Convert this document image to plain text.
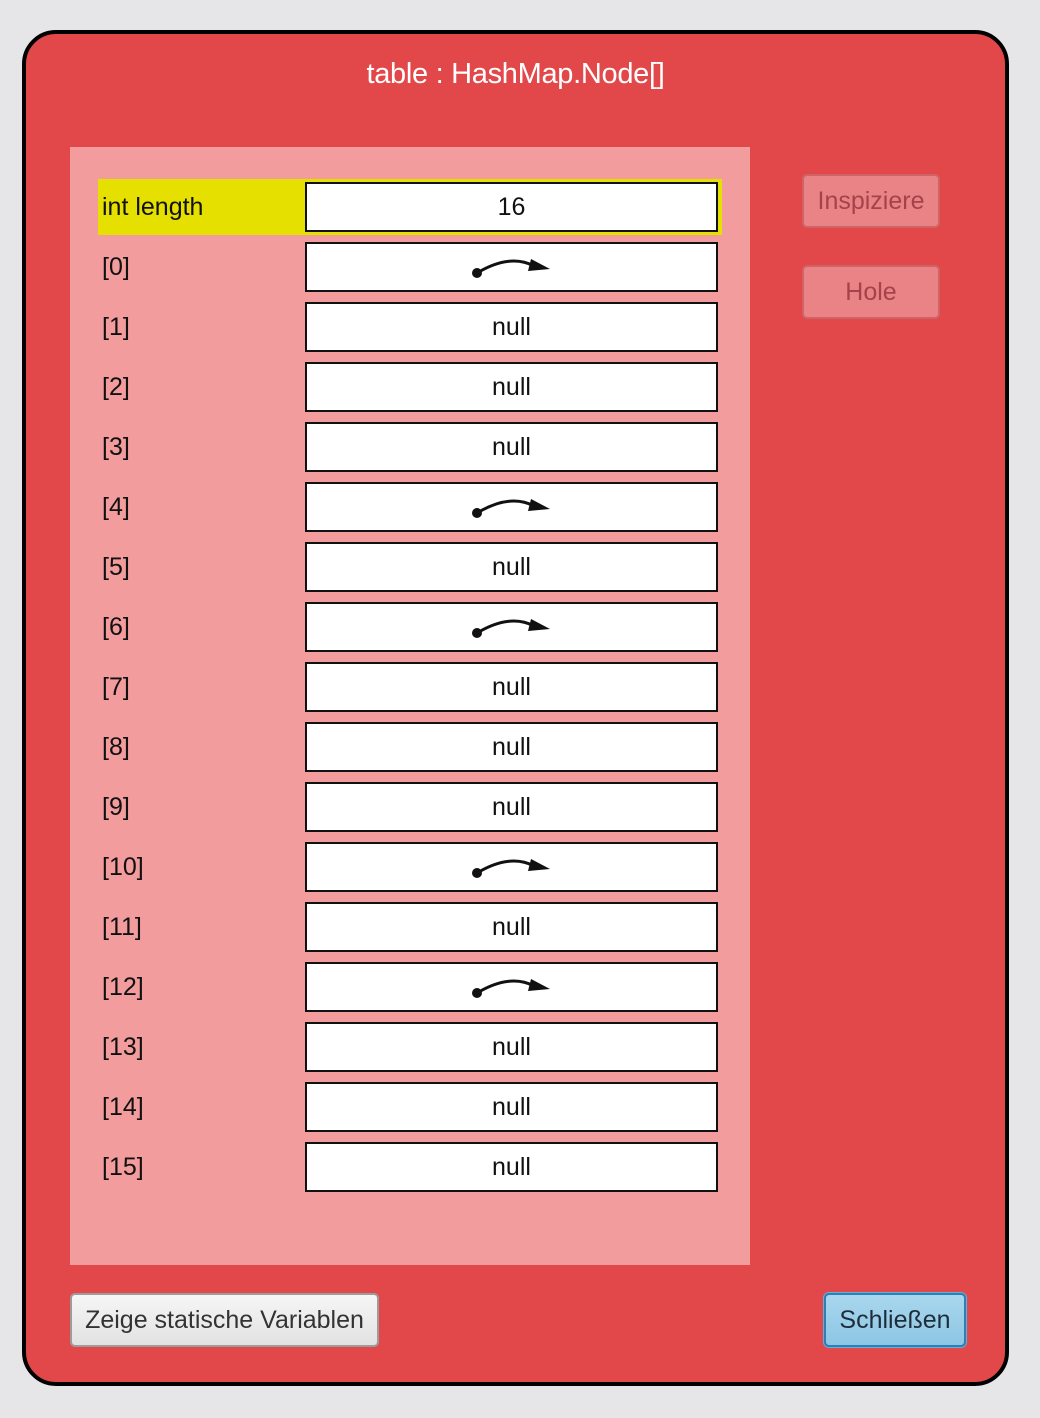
table : HashMap.Node[]
int length	16
[0]
[1]	null
[2]	null
[3]	null
[4]
[5]	null
[6]
[7]	null
[8]	null
[9]	null
[10]
[11]	null
[12]
[13]	null
[14]	null
[15]	null
Inspiziere
Hole
Zeige statische Variablen	Schließen
